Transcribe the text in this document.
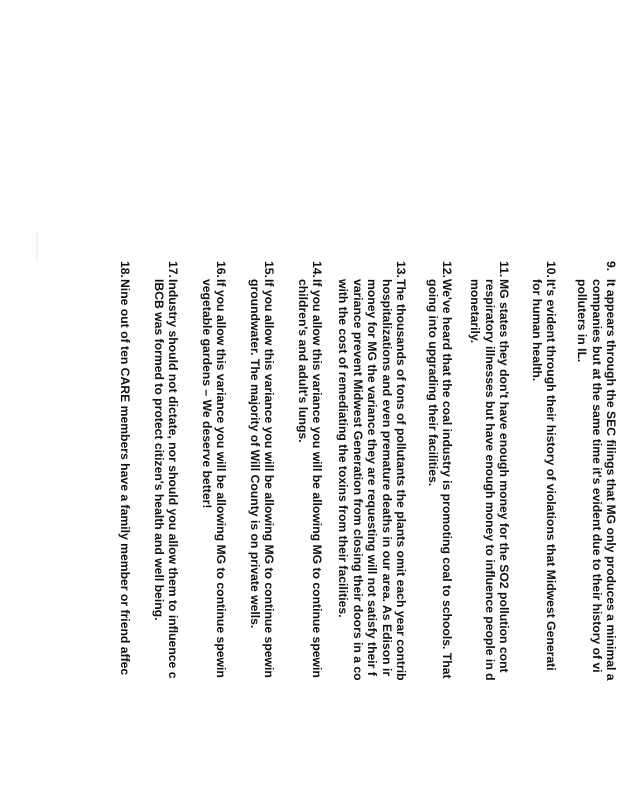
9.
It appears through the SEC filings that MG only produces a minimal a
companies but at the same time it's evident due to their history of vi
polluters in IL.
10.
It's evident through their history of violations that Midwest Generati
for human health.
11.
MG states they don't have enough money for the SO2 pollution cont
respiratory illnesses but have enough money to influence people in d
monetarily.
12.
We've heard that the coal industry is promoting coal to schools. That
going into upgrading their facilities.
13.
The thousands of tons of pollutants the plants omit each year contrib
hospitalizations and even premature deaths in our area. As Edison ir
money for MG the variance they are requesting will not satisfy their f
variance prevent Midwest Generation from closing their doors in a co
with the cost of remediating the toxins from their facilities.
14.
If you allow this variance you will be allowing MG to continue spewin
children's and adult's lungs.
15.
If you allow this variance you will be allowing MG to continue spewin
groundwater. The majority of Will County is on private wells.
16.
If you allow this variance you will be allowing MG to continue spewin
vegetable gardens – We deserve better!
17.
Industry should not dictate, nor should you allow them to influence c
IBCB was formed to protect citizen's health and well being.
18.
Nine out of ten CARE members have a family member or friend affec
